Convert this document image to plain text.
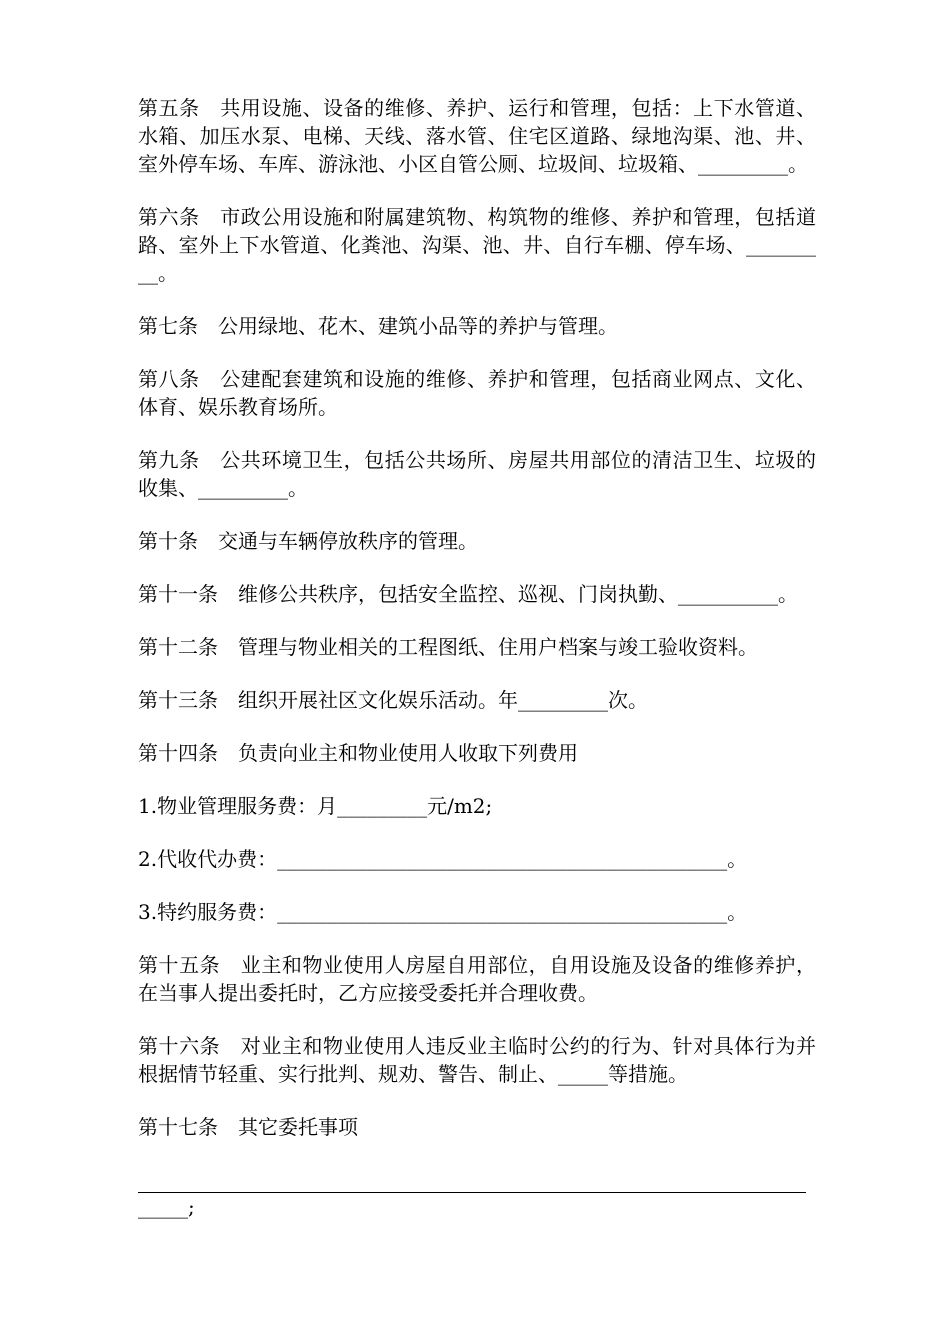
第五条　共用设施、设备的维修、养护、运行和管理，包括：上下水管道、水箱、加压水泵、电梯、天线、落水管、住宅区道路、绿地沟渠、池、井、室外停车场、车库、游泳池、小区自管公厕、垃圾间、垃圾箱、_________。

第六条　市政公用设施和附属建筑物、构筑物的维修、养护和管理，包括道路、室外上下水管道、化粪池、沟渠、池、井、自行车棚、停车场、_________。

第七条　公用绿地、花木、建筑小品等的养护与管理。

第八条　公建配套建筑和设施的维修、养护和管理，包括商业网点、文化、体育、娱乐教育场所。

第九条　公共环境卫生，包括公共场所、房屋共用部位的清洁卫生、垃圾的收集、_________。

第十条　交通与车辆停放秩序的管理。

第十一条　维修公共秩序，包括安全监控、巡视、门岗执勤、__________。

第十二条　管理与物业相关的工程图纸、住用户档案与竣工验收资料。

第十三条　组织开展社区文化娱乐活动。年_________次。

第十四条　负责向业主和物业使用人收取下列费用

1.物业管理服务费：月_________元/m2;

2.代收代办费：_____________________________________________。

3.特约服务费：_____________________________________________。

第十五条　业主和物业使用人房屋自用部位，自用设施及设备的维修养护，在当事人提出委托时，乙方应接受委托并合理收费。

第十六条　对业主和物业使用人违反业主临时公约的行为、针对具体行为并根据情节轻重、实行批判、规劝、警告、制止、_____等措施。

第十七条　其它委托事项

_____;
